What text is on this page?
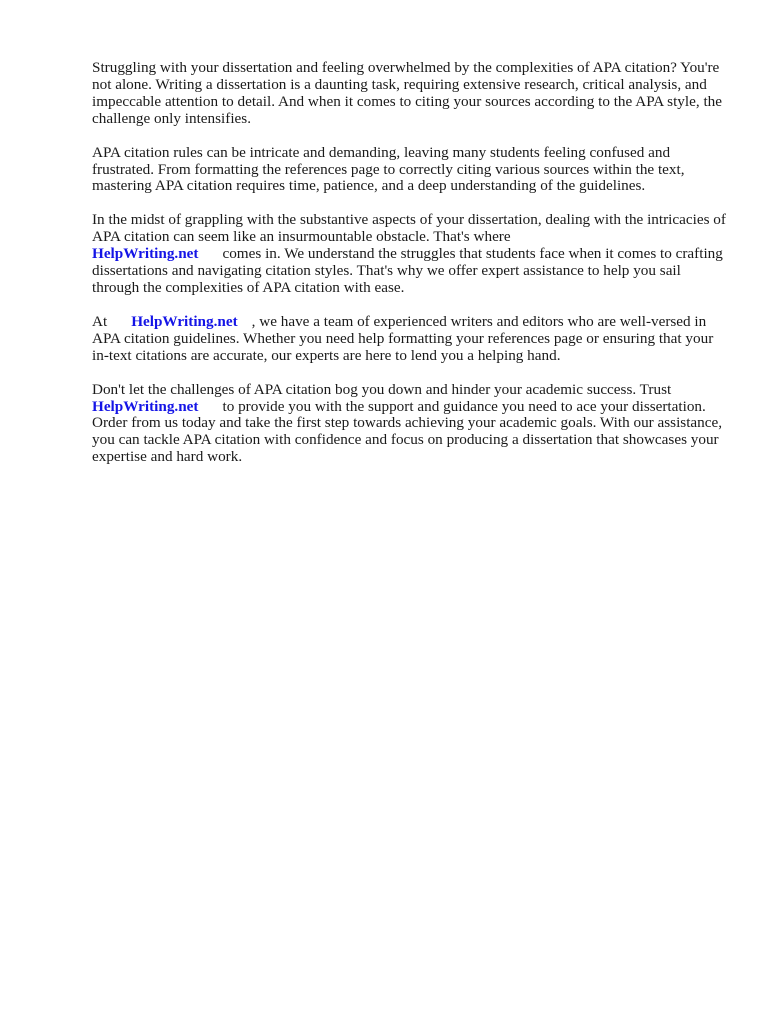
Struggling with your dissertation and feeling overwhelmed by the complexities of APA citation? You're not alone. Writing a dissertation is a daunting task, requiring extensive research, critical analysis, and impeccable attention to detail. And when it comes to citing your sources according to the APA style, the challenge only intensifies.

APA citation rules can be intricate and demanding, leaving many students feeling confused and frustrated. From formatting the references page to correctly citing various sources within the text, mastering APA citation requires time, patience, and a deep understanding of the guidelines.

In the midst of grappling with the substantive aspects of your dissertation, dealing with the intricacies of APA citation can seem like an insurmountable obstacle. That's where
HelpWriting.net comes in. We understand the struggles that students face when it comes to crafting dissertations and navigating citation styles. That's why we offer expert assistance to help you sail through the complexities of APA citation with ease.

At HelpWriting.net , we have a team of experienced writers and editors who are well-versed in APA citation guidelines. Whether you need help formatting your references page or ensuring that your in-text citations are accurate, our experts are here to lend you a helping hand.

Don't let the challenges of APA citation bog you down and hinder your academic success. Trust
HelpWriting.net to provide you with the support and guidance you need to ace your dissertation. Order from us today and take the first step towards achieving your academic goals. With our assistance, you can tackle APA citation with confidence and focus on producing a dissertation that showcases your expertise and hard work.
